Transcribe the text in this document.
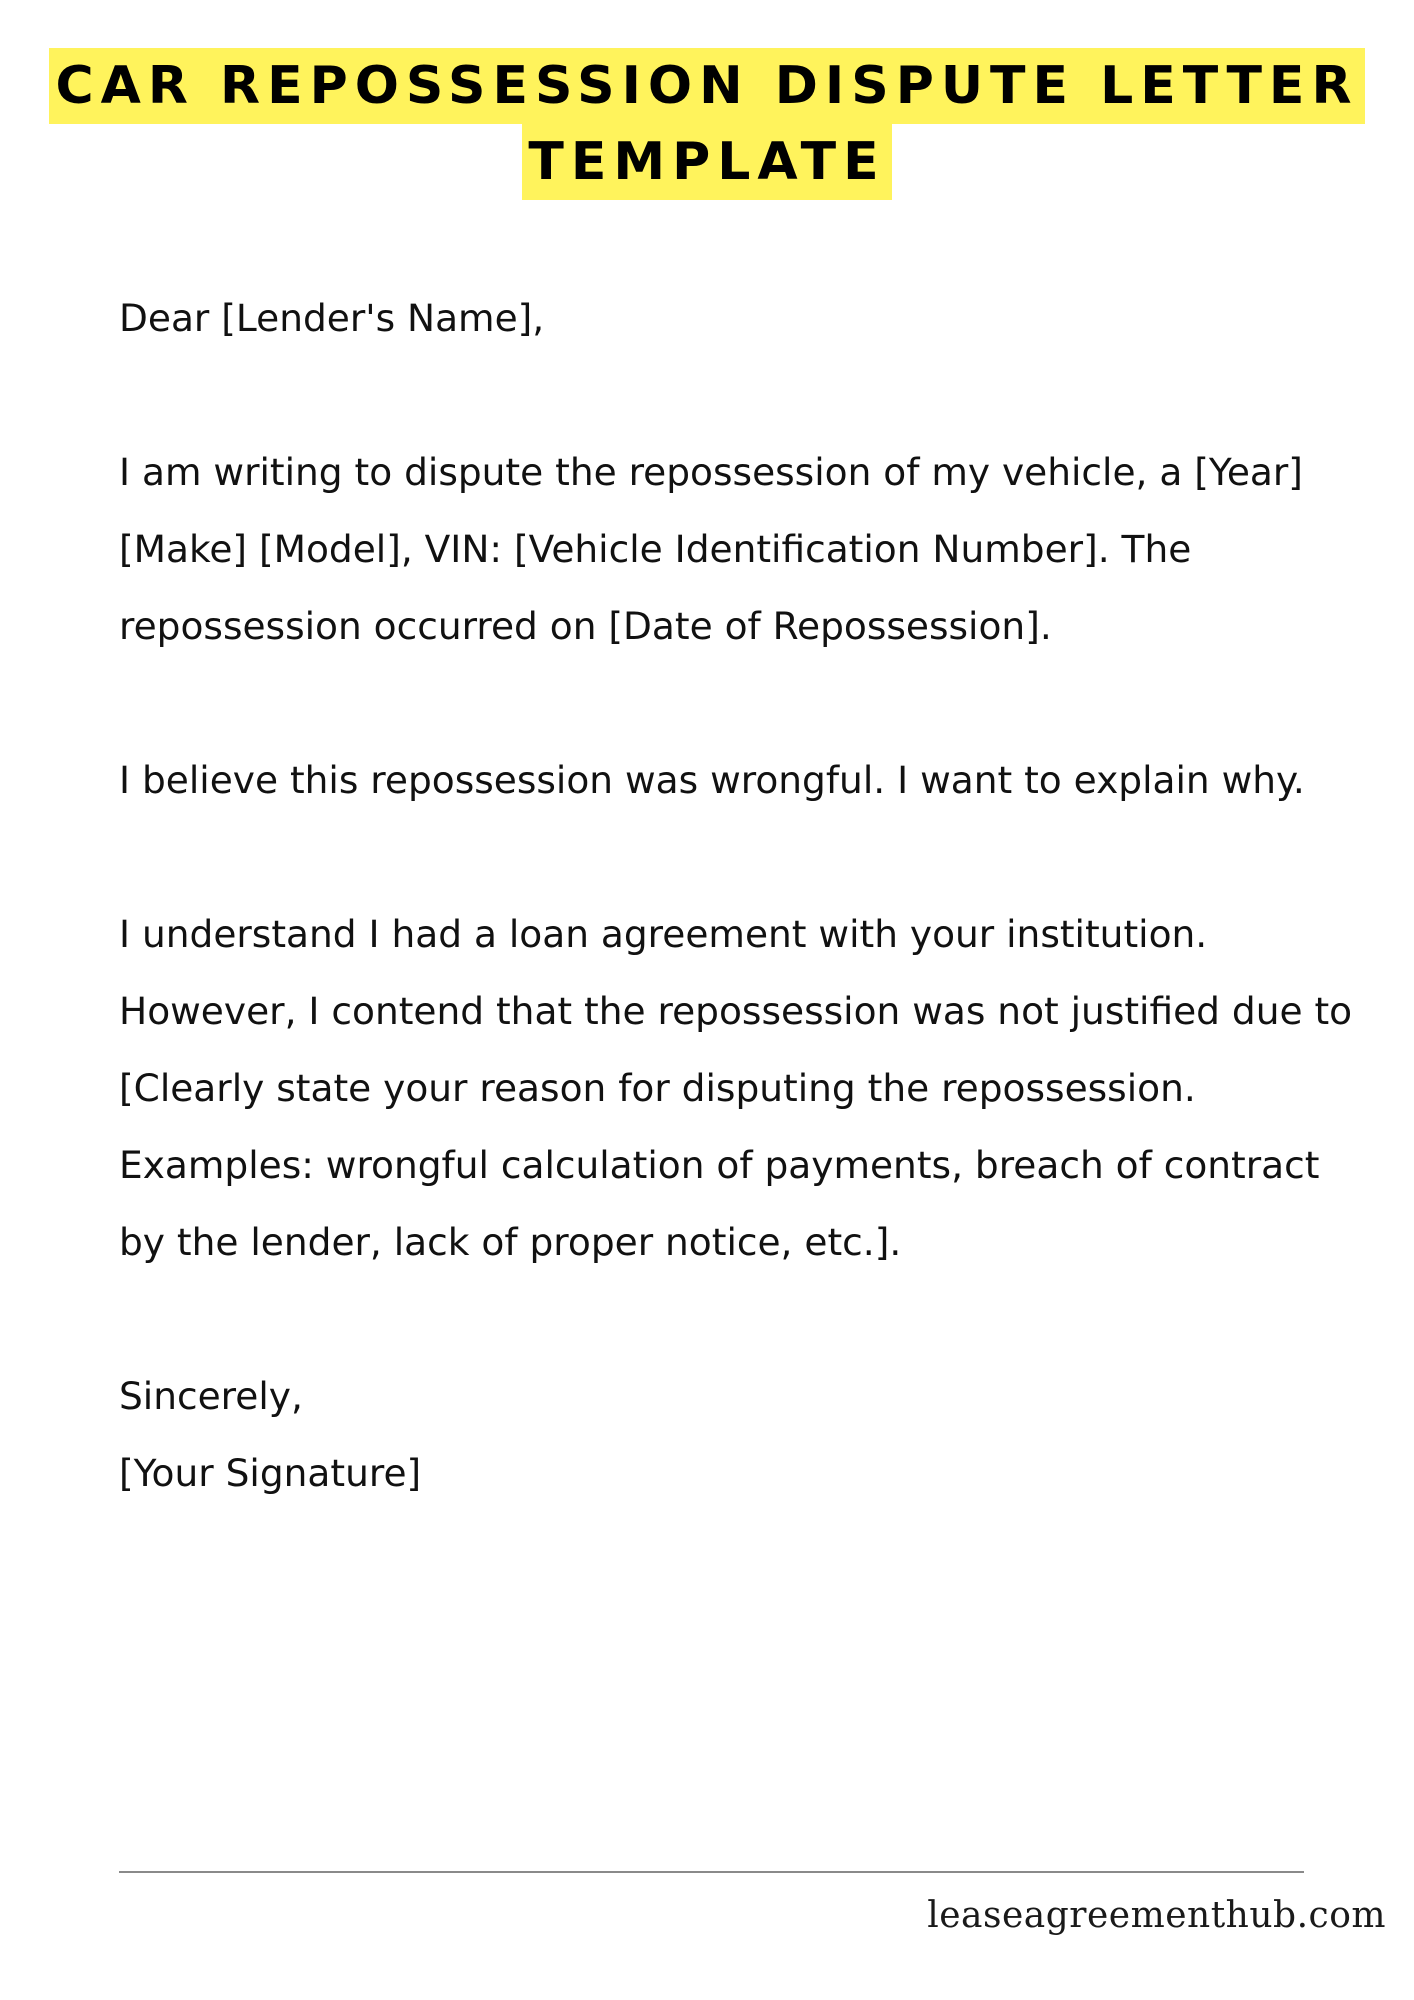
CAR REPOSSESSION DISPUTE LETTER
TEMPLATE

Dear [Lender's Name],

I am writing to dispute the repossession of my vehicle, a [Year] [Make] [Model], VIN: [Vehicle Identification Number]. The repossession occurred on [Date of Repossession].

I believe this repossession was wrongful. I want to explain why.

I understand I had a loan agreement with your institution. However, I contend that the repossession was not justified due to [Clearly state your reason for disputing the repossession. Examples: wrongful calculation of payments, breach of contract by the lender, lack of proper notice, etc.].

Sincerely,
[Your Signature]

leaseagreementhub.com
